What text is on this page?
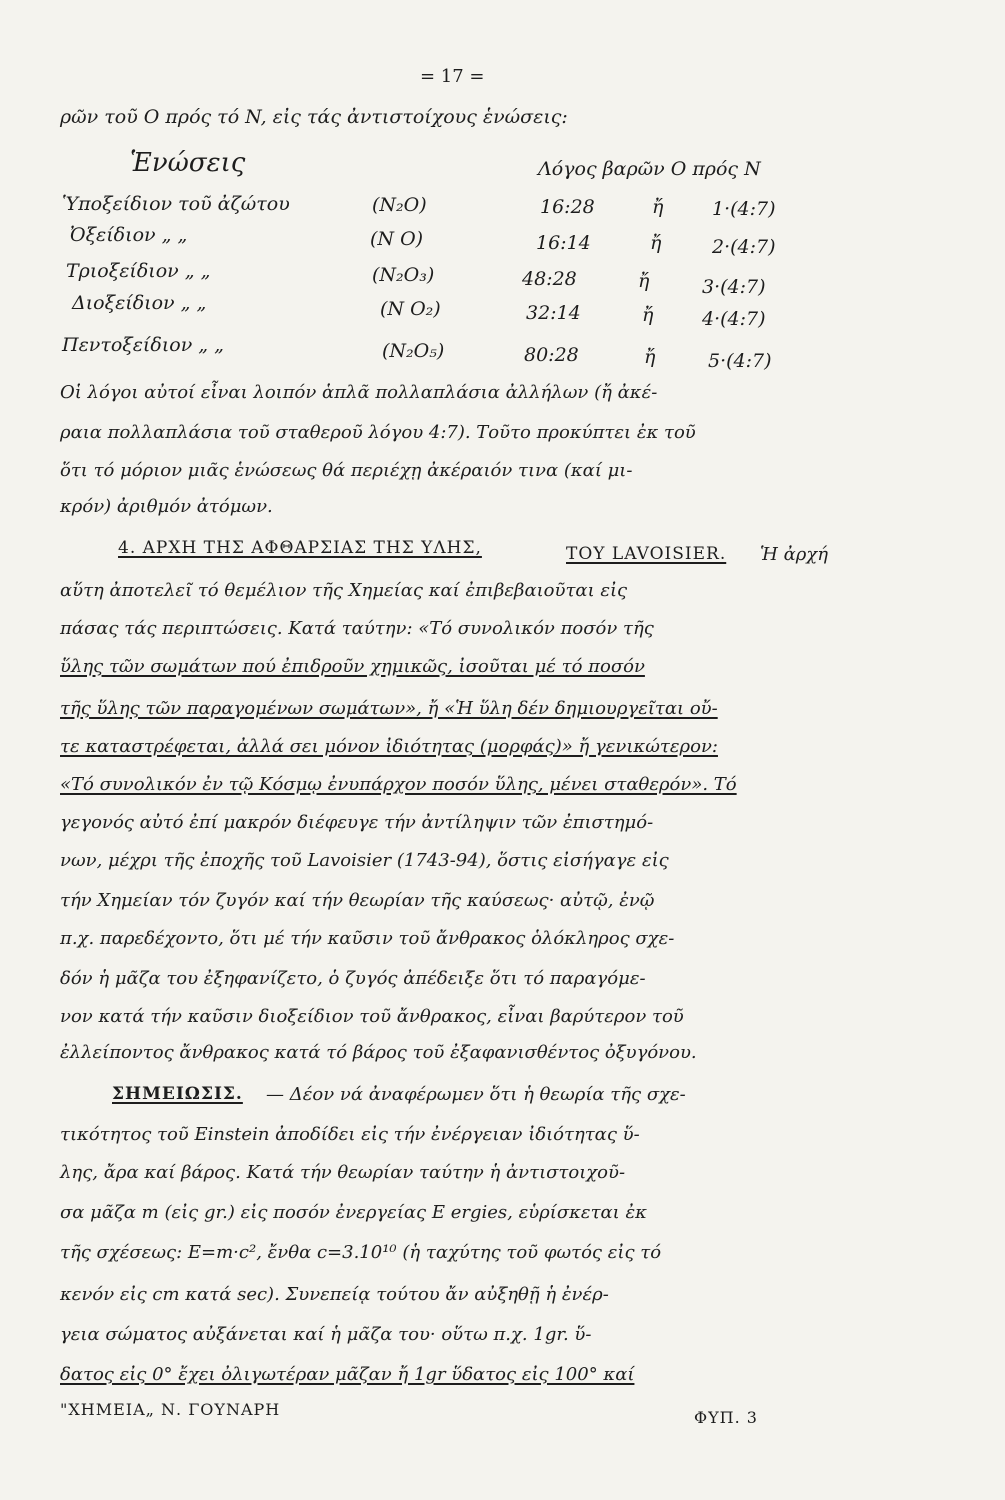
= 17 =
ρῶν τοῦ O πρός τό N, εἰς τάς ἀντιστοίχους ἑνώσεις:
Ἑνώσεις	Λόγος βαρῶν O πρός N
Ὑποξείδιον τοῦ ἀζώτου	(N₂O)	16:28	ἤ	1·(4:7)
Ὀξείδιον „ „	(N O)	16:14	ἤ	2·(4:7)
Τριοξείδιον „ „	(N₂O₃)	48:28	ἤ	3·(4:7)
Διοξείδιον „ „	(N O₂)	32:14	ἤ	4·(4:7)
Πεντοξείδιον „ „	(N₂O₅)	80:28	ἤ	5·(4:7)
Οἱ λόγοι αὐτοί εἶναι λοιπόν ἁπλᾶ πολλαπλάσια ἀλλήλων (ἤ ἀκέ-
ραια πολλαπλάσια τοῦ σταθεροῦ λόγου 4:7). Τοῦτο προκύπτει ἐκ τοῦ
ὅτι τό μόριον μιᾶς ἑνώσεως θά περιέχῃ ἀκέραιόν τινα (καί μι-
κρόν) ἀριθμόν ἀτόμων.
4. ΑΡΧΗ ΤΗΣ ΑΦΘΑΡΣΙΑΣ ΤΗΣ ΥΛΗΣ,	ΤΟΥ LAVOISIER. Ἡ ἀρχή
αὕτη ἀποτελεῖ τό θεμέλιον τῆς Χημείας καί ἐπιβεβαιοῦται εἰς
πάσας τάς περιπτώσεις. Κατά ταύτην: «Τό συνολικόν ποσόν τῆς
ὕλης τῶν σωμάτων πού ἐπιδροῦν χημικῶς, ἰσοῦται μέ τό ποσόν
τῆς ὕλης τῶν παραγομένων σωμάτων», ἤ «Ἡ ὕλη δέν δημιουργεῖται οὔ-
τε καταστρέφεται, ἀλλά σει μόνον ἰδιότητας (μορφάς)» ἤ γενικώτερον:
«Τό συνολικόν ἐν τῷ Κόσμῳ ἐνυπάρχον ποσόν ὕλης, μένει σταθερόν». Τό
γεγονός αὐτό ἐπί μακρόν διέφευγε τήν ἀντίληψιν τῶν ἐπιστημό-
νων, μέχρι τῆς ἐποχῆς τοῦ Lavoisier (1743-94), ὅστις εἰσήγαγε εἰς
τήν Χημείαν τόν ζυγόν καί τήν θεωρίαν τῆς καύσεως· αὐτῷ, ἐνῷ
π.χ. παρεδέχοντο, ὅτι μέ τήν καῦσιν τοῦ ἄνθρακος ὁλόκληρος σχε-
δόν ἡ μᾶζα του ἐξηφανίζετο, ὁ ζυγός ἀπέδειξε ὅτι τό παραγόμε-
νον κατά τήν καῦσιν διοξείδιον τοῦ ἄνθρακος, εἶναι βαρύτερον τοῦ
ἐλλείποντος ἄνθρακος κατά τό βάρος τοῦ ἐξαφανισθέντος ὀξυγόνου.
ΣΗΜΕΙΩΣΙΣ. — Δέον νά ἀναφέρωμεν ὅτι ἡ θεωρία τῆς σχε-
τικότητος τοῦ Einstein ἀποδίδει εἰς τήν ἐνέργειαν ἰδιότητας ὕ-
λης, ἄρα καί βάρος. Κατά τήν θεωρίαν ταύτην ἡ ἀντιστοιχοῦ-
σα μᾶζα m (εἰς gr.) εἰς ποσόν ἐνεργείας E ergies, εὑρίσκεται ἐκ
τῆς σχέσεως: E=m·c², ἔνθα c=3.10¹⁰ (ἡ ταχύτης τοῦ φωτός εἰς τό
κενόν εἰς cm κατά sec). Συνεπείᾳ τούτου ἄν αὐξηθῇ ἡ ἐνέρ-
γεια σώματος αὐξάνεται καί ἡ μᾶζα του· οὕτω π.χ. 1gr. ὕ-
δατος εἰς 0° ἔχει ὀλιγωτέραν μᾶζαν ἤ 1gr ὕδατος εἰς 100° καί
"ΧΗΜΕΙΑ„ Ν. ΓΟΥΝΑΡΗ	ΦΥΠ. 3
